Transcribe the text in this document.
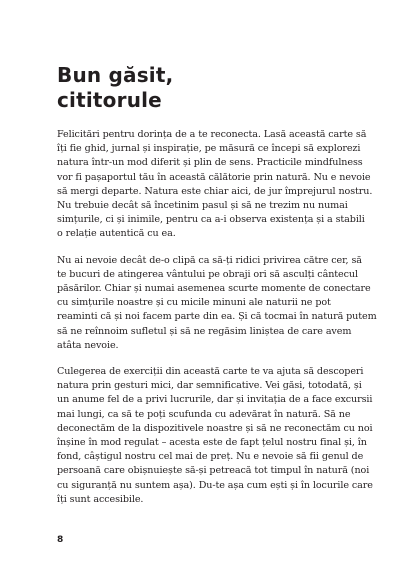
Bun găsit,
cititorule

Felicitări pentru dorința de a te reconecta. Lasă această carte să
îți fie ghid, jurnal și inspirație, pe măsură ce începi să explorezi
natura într-un mod diferit și plin de sens. Practicile mindfulness
vor fi pașaportul tău în această călătorie prin natură. Nu e nevoie
să mergi departe. Natura este chiar aici, de jur împrejurul nostru.
Nu trebuie decât să încetinim pasul și să ne trezim nu numai
simțurile, ci și inimile, pentru ca a-i observa existența și a stabili
o relație autentică cu ea.

Nu ai nevoie decât de-o clipă ca să-ți ridici privirea către cer, să
te bucuri de atingerea vântului pe obraji ori să asculți cântecul
păsărilor. Chiar și numai asemenea scurte momente de conectare
cu simțurile noastre și cu micile minuni ale naturii ne pot
reaminti că și noi facem parte din ea. Și că tocmai în natură putem
să ne reînnoim sufletul și să ne regăsim liniștea de care avem
atâta nevoie.

Culegerea de exerciții din această carte te va ajuta să descoperi
natura prin gesturi mici, dar semnificative. Vei găsi, totodată, și
un anume fel de a privi lucrurile, dar și invitația de a face excursii
mai lungi, ca să te poți scufunda cu adevărat în natură. Să ne
deconectăm de la dispozitivele noastre și să ne reconectăm cu noi
înșine în mod regulat – acesta este de fapt țelul nostru final și, în
fond, câștigul nostru cel mai de preț. Nu e nevoie să fii genul de
persoană care obișnuiește să-și petreacă tot timpul în natură (noi
cu siguranță nu suntem așa). Du-te așa cum ești și în locurile care
îți sunt accesibile.

8
